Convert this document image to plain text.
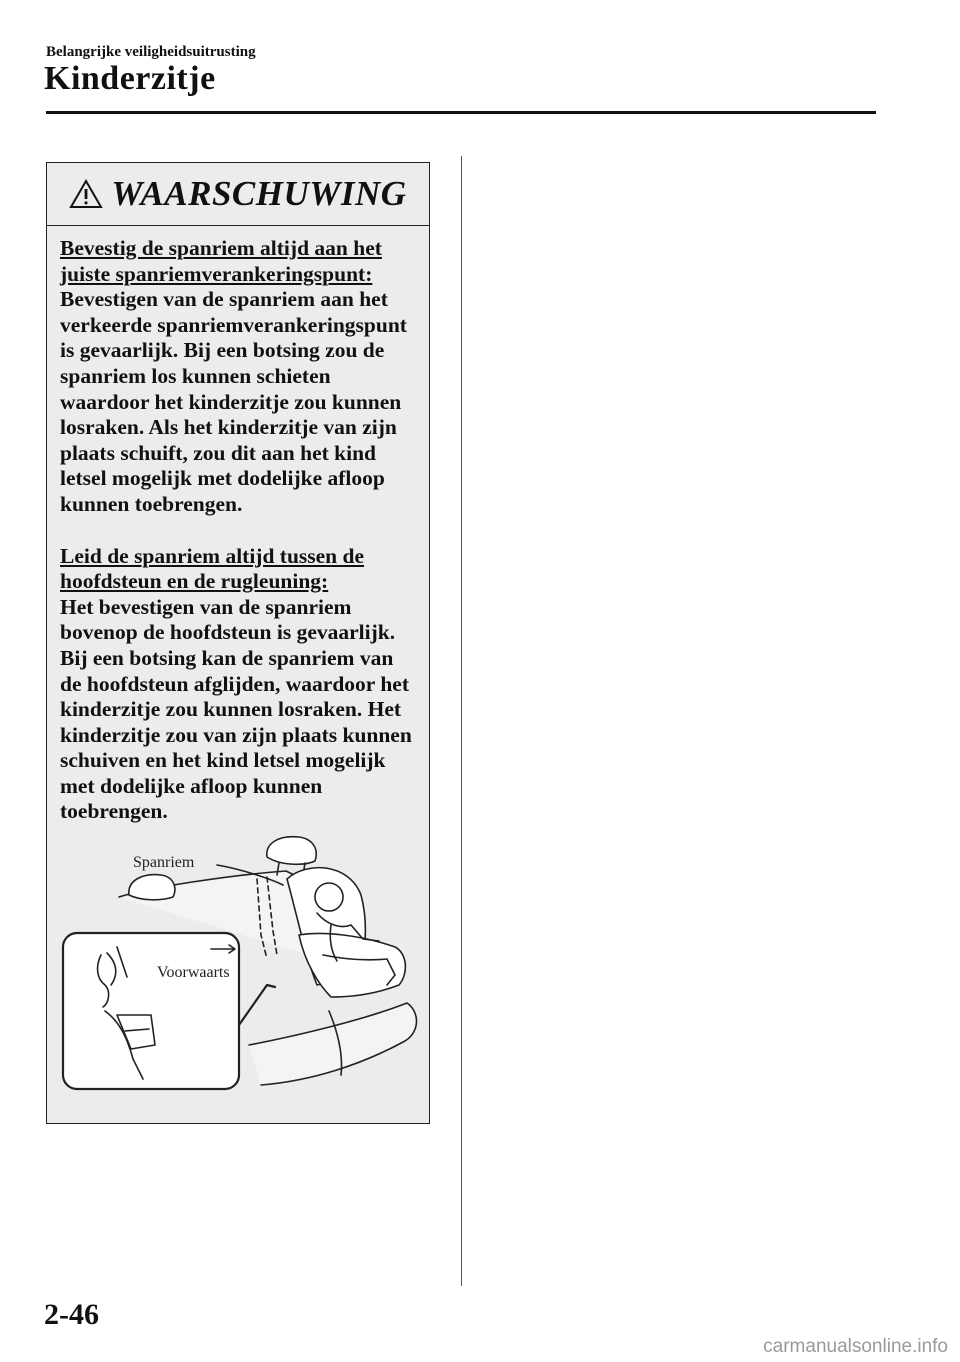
Belangrijke veiligheidsuitrusting
Kinderzitje
WAARSCHUWING

Bevestig de spanriem altijd aan het juiste spanriemverankeringspunt:
Bevestigen van de spanriem aan het verkeerde spanriemverankeringspunt is gevaarlijk. Bij een botsing zou de spanriem los kunnen schieten waardoor het kinderzitje zou kunnen losraken. Als het kinderzitje van zijn plaats schuift, zou dit aan het kind letsel mogelijk met dodelijke afloop kunnen toebrengen.

Leid de spanriem altijd tussen de hoofdsteun en de rugleuning:
Het bevestigen van de spanriem bovenop de hoofdsteun is gevaarlijk. Bij een botsing kan de spanriem van de hoofdsteun afglijden, waardoor het kinderzitje zou kunnen losraken. Het kinderzitje zou van zijn plaats kunnen schuiven en het kind letsel mogelijk met dodelijke afloop kunnen toebrengen.

Spanriem
Voorwaarts
2-46
carmanualsonline.info
